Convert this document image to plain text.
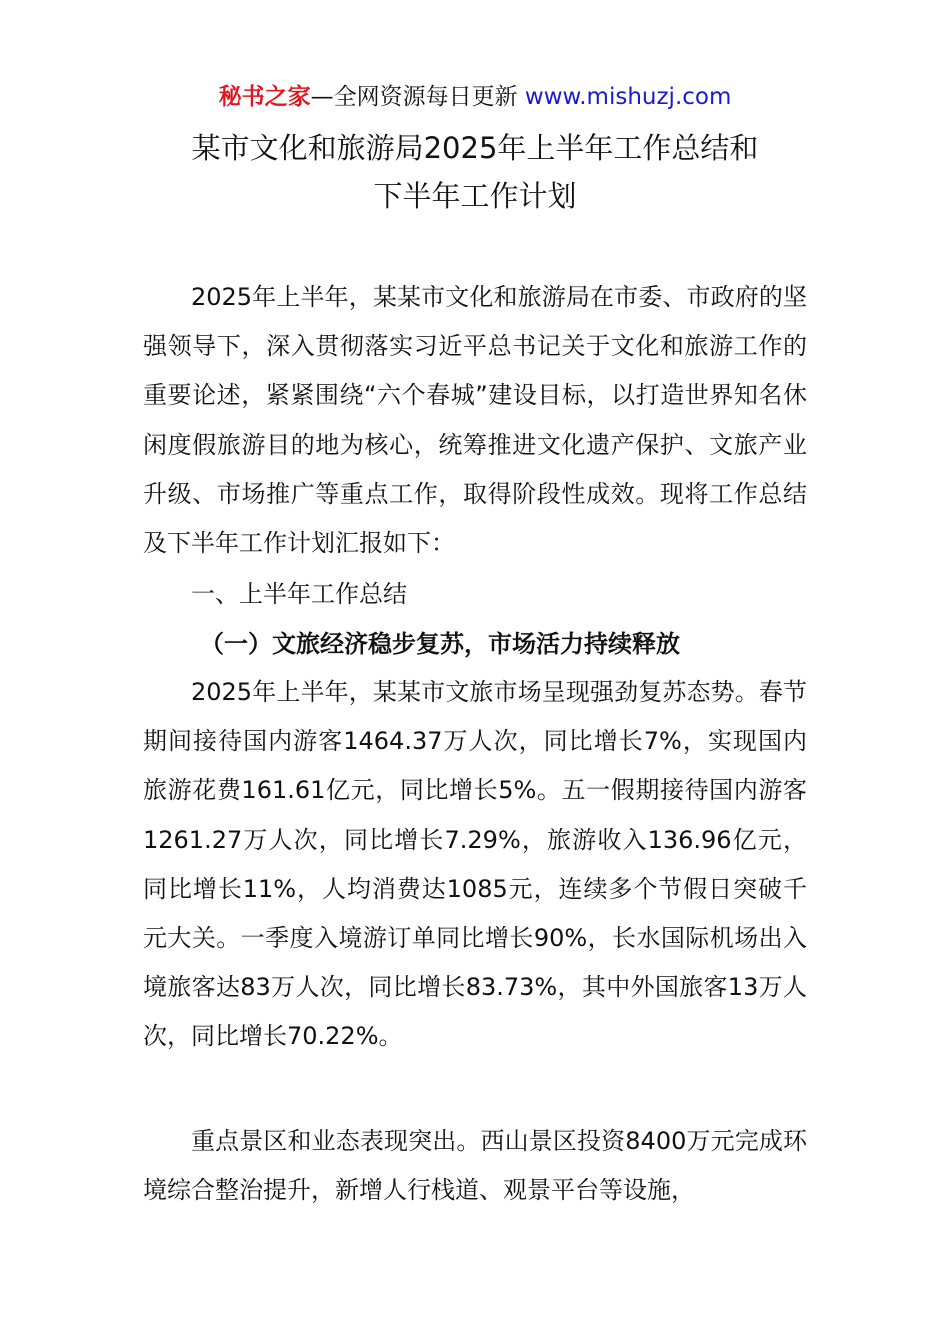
秘书之家—全网资源每日更新 www.mishuzj.com
某市文化和旅游局2025年上半年工作总结和
下半年工作计划

2025年上半年，某某市文化和旅游局在市委、市政府的坚强领导下，深入贯彻落实习近平总书记关于文化和旅游工作的重要论述，紧紧围绕“六个春城”建设目标，以打造世界知名休闲度假旅游目的地为核心，统筹推进文化遗产保护、文旅产业升级、市场推广等重点工作，取得阶段性成效。现将工作总结及下半年工作计划汇报如下：

一、上半年工作总结
（一）文旅经济稳步复苏，市场活力持续释放

2025年上半年，某某市文旅市场呈现强劲复苏态势。春节期间接待国内游客1464.37万人次，同比增长7%，实现国内旅游花费161.61亿元，同比增长5%。五一假期接待国内游客1261.27万人次，同比增长7.29%，旅游收入136.96亿元，同比增长11%，人均消费达1085元，连续多个节假日突破千元大关。一季度入境游订单同比增长90%，长水国际机场出入境旅客达83万人次，同比增长83.73%，其中外国旅客13万人次，同比增长70.22%。

重点景区和业态表现突出。西山景区投资8400万元完成环境综合整治提升，新增人行栈道、观景平台等设施，
